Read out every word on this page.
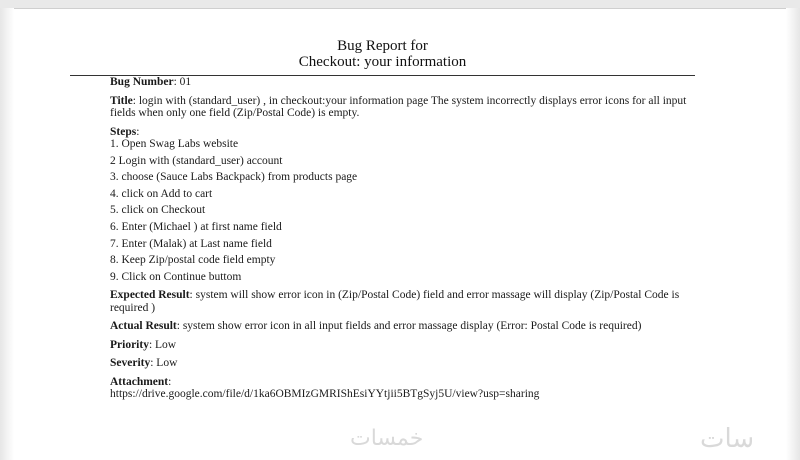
Bug Report for
Checkout: your information

Bug Number: 01

Title: login with (standard_user) , in checkout:your information page The system incorrectly displays error icons for all input fields when only one field (Zip/Postal Code) is empty.

Steps:
1. Open Swag Labs website
2 Login with (standard_user) account
3. choose (Sauce Labs Backpack) from products page
4. click on Add to cart
5. click on Checkout
6. Enter (Michael ) at first name field
7. Enter (Malak) at Last name field
8. Keep Zip/postal code field empty
9. Click on Continue buttom

Expected Result: system will show error icon in (Zip/Postal Code) field and error massage will display (Zip/Postal Code is required )

Actual Result: system show error icon in all input fields and error massage display (Error: Postal Code is required)

Priority: Low

Severity: Low

Attachment:
https://drive.google.com/file/d/1ka6OBMIzGMRIShEsiYYtjii5BTgSyj5U/view?usp=sharing
خمسات	سات
